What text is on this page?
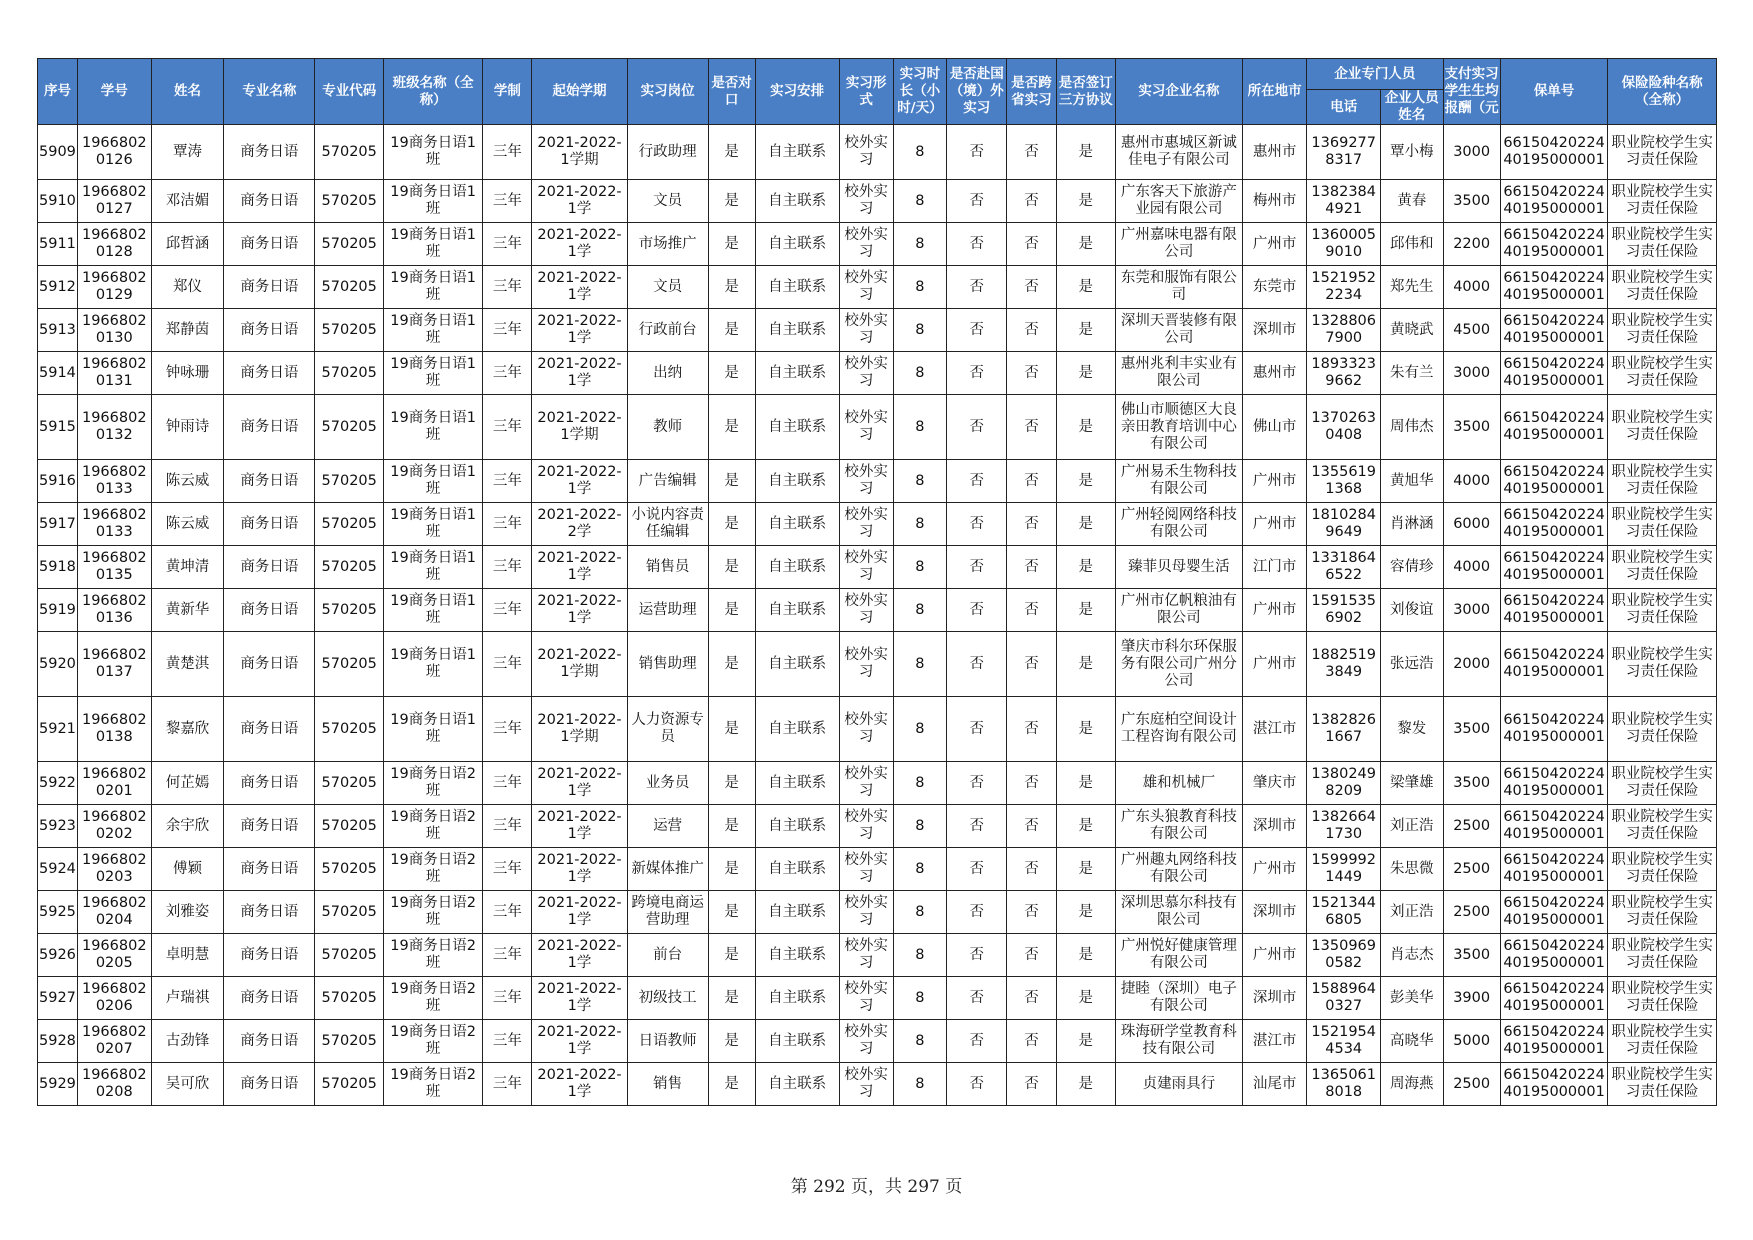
序号	学号	姓名	专业名称	专业代码	班级名称（全称）	学制	起始学期	实习岗位	是否对口	实习安排	实习形式	实习时长（小时/天）	是否赴国（境）外实习	是否跨省实习	是否签订三方协议	实习企业名称	所在地市	企业专门人员		支付实习学生生均报酬（元	保单号	保险险种名称（全称）
																		电话	企业人员姓名			
5909	19668020126	覃涛	商务日语	570205	19商务日语1班	三年	2021-2022-1学期	行政助理	是	自主联系	校外实习	8	否	否	是	惠州市惠城区新诚佳电子有限公司	惠州市	13692778317	覃小梅	3000	6615042022440195000001	职业院校学生实习责任保险
5910	19668020127	邓洁媚	商务日语	570205	19商务日语1班	三年	2021-2022-1学	文员	是	自主联系	校外实习	8	否	否	是	广东客天下旅游产业园有限公司	梅州市	13823844921	黄春	3500	6615042022440195000001	职业院校学生实习责任保险
5911	19668020128	邱哲涵	商务日语	570205	19商务日语1班	三年	2021-2022-1学	市场推广	是	自主联系	校外实习	8	否	否	是	广州嘉味电器有限公司	广州市	13600059010	邱伟和	2200	6615042022440195000001	职业院校学生实习责任保险
5912	19668020129	郑仪	商务日语	570205	19商务日语1班	三年	2021-2022-1学	文员	是	自主联系	校外实习	8	否	否	是	东莞和服饰有限公司	东莞市	15219522234	郑先生	4000	6615042022440195000001	职业院校学生实习责任保险
5913	19668020130	郑静茵	商务日语	570205	19商务日语1班	三年	2021-2022-1学	行政前台	是	自主联系	校外实习	8	否	否	是	深圳天晋装修有限公司	深圳市	13288067900	黄晓武	4500	6615042022440195000001	职业院校学生实习责任保险
5914	19668020131	钟咏珊	商务日语	570205	19商务日语1班	三年	2021-2022-1学	出纳	是	自主联系	校外实习	8	否	否	是	惠州兆利丰实业有限公司	惠州市	18933239662	朱有兰	3000	6615042022440195000001	职业院校学生实习责任保险
5915	19668020132	钟雨诗	商务日语	570205	19商务日语1班	三年	2021-2022-1学期	教师	是	自主联系	校外实习	8	否	否	是	佛山市顺德区大良亲田教育培训中心有限公司	佛山市	13702630408	周伟杰	3500	6615042022440195000001	职业院校学生实习责任保险
5916	19668020133	陈云威	商务日语	570205	19商务日语1班	三年	2021-2022-1学	广告编辑	是	自主联系	校外实习	8	否	否	是	广州易禾生物科技有限公司	广州市	13556191368	黄旭华	4000	6615042022440195000001	职业院校学生实习责任保险
5917	19668020133	陈云威	商务日语	570205	19商务日语1班	三年	2021-2022-2学	小说内容责任编辑	是	自主联系	校外实习	8	否	否	是	广州轻阅网络科技有限公司	广州市	18102849649	肖淋涵	6000	6615042022440195000001	职业院校学生实习责任保险
5918	19668020135	黄坤清	商务日语	570205	19商务日语1班	三年	2021-2022-1学	销售员	是	自主联系	校外实习	8	否	否	是	臻菲贝母婴生活	江门市	13318646522	容倩珍	4000	6615042022440195000001	职业院校学生实习责任保险
5919	19668020136	黄新华	商务日语	570205	19商务日语1班	三年	2021-2022-1学	运营助理	是	自主联系	校外实习	8	否	否	是	广州市亿帆粮油有限公司	广州市	15915356902	刘俊谊	3000	6615042022440195000001	职业院校学生实习责任保险
5920	19668020137	黄楚淇	商务日语	570205	19商务日语1班	三年	2021-2022-1学期	销售助理	是	自主联系	校外实习	8	否	否	是	肇庆市科尔环保服务有限公司广州分公司	广州市	18825193849	张远浩	2000	6615042022440195000001	职业院校学生实习责任保险
5921	19668020138	黎嘉欣	商务日语	570205	19商务日语1班	三年	2021-2022-1学期	人力资源专员	是	自主联系	校外实习	8	否	否	是	广东庭柏空间设计工程咨询有限公司	湛江市	13828261667	黎发	3500	6615042022440195000001	职业院校学生实习责任保险
5922	19668020201	何芷嫣	商务日语	570205	19商务日语2班	三年	2021-2022-1学	业务员	是	自主联系	校外实习	8	否	否	是	雄和机械厂	肇庆市	13802498209	梁肇雄	3500	6615042022440195000001	职业院校学生实习责任保险
5923	19668020202	余宇欣	商务日语	570205	19商务日语2班	三年	2021-2022-1学	运营	是	自主联系	校外实习	8	否	否	是	广东头狼教育科技有限公司	深圳市	13826641730	刘正浩	2500	6615042022440195000001	职业院校学生实习责任保险
5924	19668020203	傅颖	商务日语	570205	19商务日语2班	三年	2021-2022-1学	新媒体推广	是	自主联系	校外实习	8	否	否	是	广州趣丸网络科技有限公司	广州市	15999921449	朱思微	2500	6615042022440195000001	职业院校学生实习责任保险
5925	19668020204	刘雅姿	商务日语	570205	19商务日语2班	三年	2021-2022-1学	跨境电商运营助理	是	自主联系	校外实习	8	否	否	是	深圳思慕尔科技有限公司	深圳市	15213446805	刘正浩	2500	6615042022440195000001	职业院校学生实习责任保险
5926	19668020205	卓明慧	商务日语	570205	19商务日语2班	三年	2021-2022-1学	前台	是	自主联系	校外实习	8	否	否	是	广州悦好健康管理有限公司	广州市	13509690582	肖志杰	3500	6615042022440195000001	职业院校学生实习责任保险
5927	19668020206	卢瑞祺	商务日语	570205	19商务日语2班	三年	2021-2022-1学	初级技工	是	自主联系	校外实习	8	否	否	是	捷睦（深圳）电子有限公司	深圳市	15889640327	彭美华	3900	6615042022440195000001	职业院校学生实习责任保险
5928	19668020207	古劲锋	商务日语	570205	19商务日语2班	三年	2021-2022-1学	日语教师	是	自主联系	校外实习	8	否	否	是	珠海研学堂教育科技有限公司	湛江市	15219544534	高晓华	5000	6615042022440195000001	职业院校学生实习责任保险
5929	19668020208	吴可欣	商务日语	570205	19商务日语2班	三年	2021-2022-1学	销售	是	自主联系	校外实习	8	否	否	是	贞建雨具行	汕尾市	13650618018	周海燕	2500	6615042022440195000001	职业院校学生实习责任保险
第 292 页，共 297 页
